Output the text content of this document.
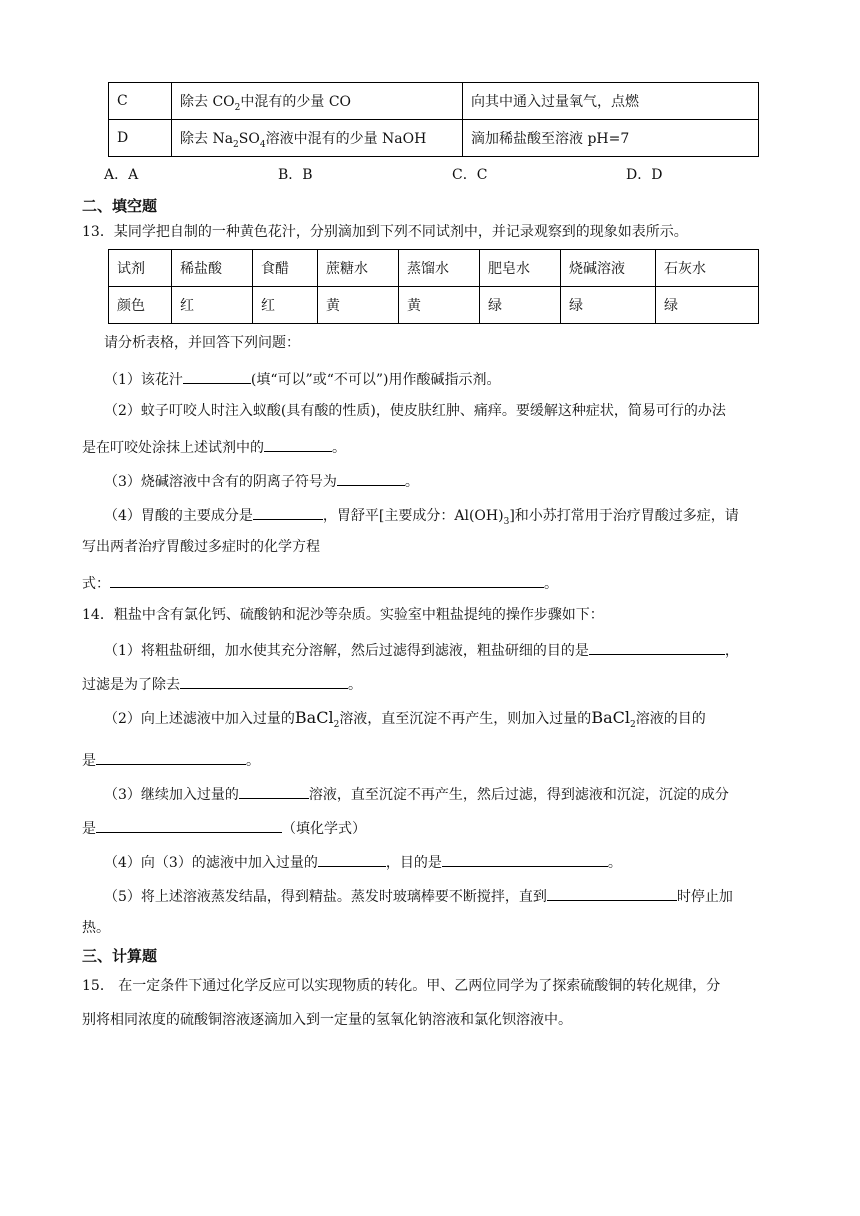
C	除去 $CO_2$中混有的少量 CO	向其中通入过量氧气，点燃
D	除去 $Na_2SO_4$溶液中混有的少量 NaOH	滴加稀盐酸至溶液 pH=7
A．A	B．B	C．C	D．D
二、填空题
13．某同学把自制的一种黄色花汁，分别滴加到下列不同试剂中，并记录观察到的现象如表所示。
试剂	稀盐酸	食醋	蔗糖水	蒸馏水	肥皂水	烧碱溶液	石灰水
颜色	红	红	黄	黄	绿	绿	绿
请分析表格，并回答下列问题：
（1）该花汁	(填“可以”或“不可以”)用作酸碱指示剂。
（2）蚊子叮咬人时注入蚁酸(具有酸的性质)，使皮肤红肿、痛痒。要缓解这种症状，简易可行的办法
是在叮咬处涂抹上述试剂中的	。
（3）烧碱溶液中含有的阴离子符号为	。
（4）胃酸的主要成分是	，胃舒平[主要成分：$Al(OH)_3$]和小苏打常用于治疗胃酸过多症，请
写出两者治疗胃酸过多症时的化学方程
式：	。
14．粗盐中含有氯化钙、硫酸钠和泥沙等杂质。实验室中粗盐提纯的操作步骤如下：
（1）将粗盐研细，加水使其充分溶解，然后过滤得到滤液，粗盐研细的目的是	，
过滤是为了除去	。
（2）向上述滤液中加入过量的BaCl$_2$溶液，直至沉淀不再产生，则加入过量的BaCl$_2$溶液的目的
是	。
（3）继续加入过量的	溶液，直至沉淀不再产生，然后过滤，得到滤液和沉淀，沉淀的成分
是	（填化学式）
（4）向（3）的滤液中加入过量的	，目的是	。
（5）将上述溶液蒸发结晶，得到精盐。蒸发时玻璃棒要不断搅拌，直到	时停止加
热。
三、计算题
15． 在一定条件下通过化学反应可以实现物质的转化。甲、乙两位同学为了探索硫酸铜的转化规律，分
别将相同浓度的硫酸铜溶液逐滴加入到一定量的氢氧化钠溶液和氯化钡溶液中。
